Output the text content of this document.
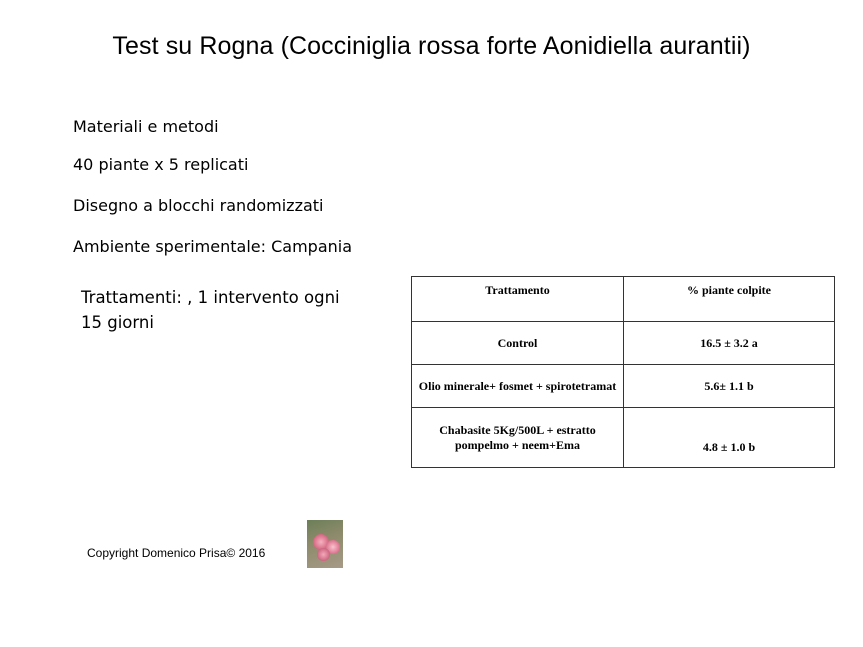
Test su Rogna (Cocciniglia rossa forte Aonidiella aurantii)
Materiali e metodi
40 piante x 5 replicati
Disegno a blocchi randomizzati
Ambiente sperimentale: Campania
Trattamenti: , 1 intervento ogni 15 giorni
Trattamento	% piante colpite
Control	16.5 ± 3.2 a
Olio minerale+ fosmet + spirotetramat	5.6± 1.1 b
Chabasite 5Kg/500L + estratto pompelmo + neem+Ema	4.8 ± 1.0 b
Copyright Domenico Prisa© 2016
